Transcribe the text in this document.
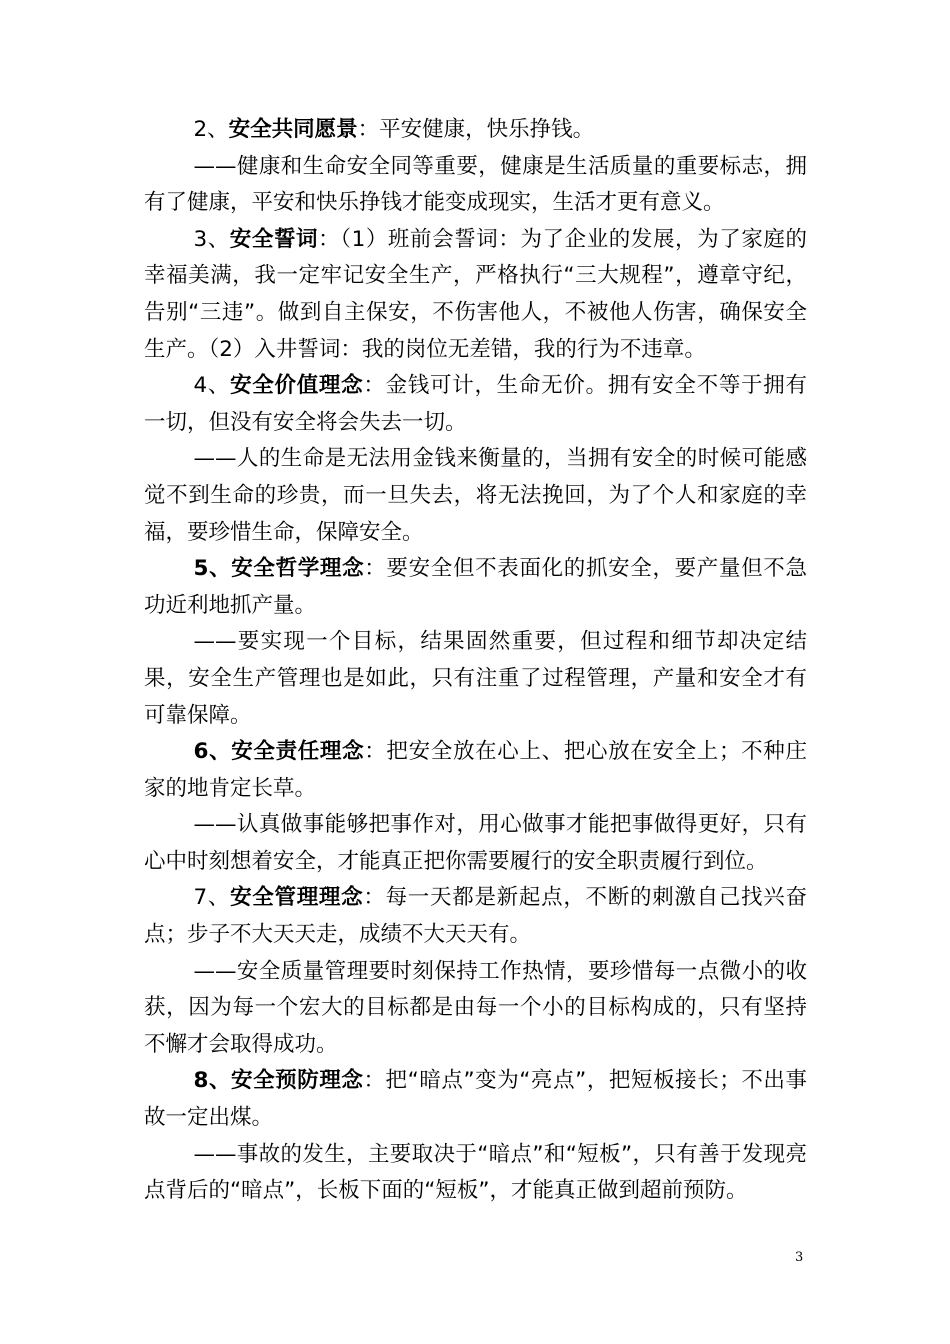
2、安全共同愿景：平安健康，快乐挣钱。

——健康和生命安全同等重要，健康是生活质量的重要标志，拥有了健康，平安和快乐挣钱才能变成现实，生活才更有意义。

3、安全誓词：（1）班前会誓词：为了企业的发展，为了家庭的幸福美满，我一定牢记安全生产，严格执行“三大规程”，遵章守纪，告别“三违”。做到自主保安，不伤害他人，不被他人伤害，确保安全生产。（2）入井誓词：我的岗位无差错，我的行为不违章。

4、安全价值理念：金钱可计，生命无价。拥有安全不等于拥有一切，但没有安全将会失去一切。

——人的生命是无法用金钱来衡量的，当拥有安全的时候可能感觉不到生命的珍贵，而一旦失去，将无法挽回，为了个人和家庭的幸福，要珍惜生命，保障安全。

5、安全哲学理念：要安全但不表面化的抓安全，要产量但不急功近利地抓产量。

——要实现一个目标，结果固然重要，但过程和细节却决定结果，安全生产管理也是如此，只有注重了过程管理，产量和安全才有可靠保障。

6、安全责任理念：把安全放在心上、把心放在安全上；不种庄家的地肯定长草。

——认真做事能够把事作对，用心做事才能把事做得更好，只有心中时刻想着安全，才能真正把你需要履行的安全职责履行到位。

7、安全管理理念：每一天都是新起点，不断的刺激自己找兴奋点；步子不大天天走，成绩不大天天有。

——安全质量管理要时刻保持工作热情，要珍惜每一点微小的收获，因为每一个宏大的目标都是由每一个小的目标构成的，只有坚持不懈才会取得成功。

8、安全预防理念：把“暗点”变为“亮点”，把短板接长；不出事故一定出煤。

——事故的发生，主要取决于“暗点”和“短板”，只有善于发现亮点背后的“暗点”，长板下面的“短板”，才能真正做到超前预防。

3
